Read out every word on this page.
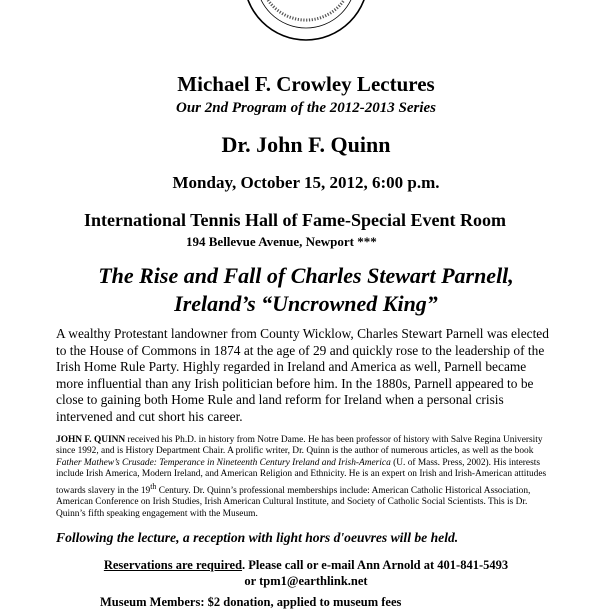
Michael F. Crowley Lectures
Our 2nd Program of the 2012-2013 Series
Dr. John F. Quinn
Monday, October 15, 2012, 6:00 p.m.
International Tennis Hall of Fame-Special Event Room
194 Bellevue Avenue, Newport ***
The Rise and Fall of Charles Stewart Parnell,
Ireland’s “Uncrowned King”

A wealthy Protestant landowner from County Wicklow, Charles Stewart Parnell was elected to the House of Commons in 1874 at the age of 29 and quickly rose to the leadership of the Irish Home Rule Party. Highly regarded in Ireland and America as well, Parnell became more influential than any Irish politician before him. In the 1880s, Parnell appeared to be close to gaining both Home Rule and land reform for Ireland when a personal crisis intervened and cut short his career.

JOHN F. QUINN received his Ph.D. in history from Notre Dame. He has been professor of history with Salve Regina University since 1992, and is History Department Chair. A prolific writer, Dr. Quinn is the author of numerous articles, as well as the book Father Mathew’s Crusade: Temperance in Nineteenth Century Ireland and Irish-America (U. of Mass. Press, 2002). His interests include Irish America, Modern Ireland, and American Religion and Ethnicity. He is an expert on Irish and Irish-American attitudes towards slavery in the 19th Century. Dr. Quinn’s professional memberships include: American Catholic Historical Association, American Conference on Irish Studies, Irish American Cultural Institute, and Society of Catholic Social Scientists. This is Dr. Quinn’s fifth speaking engagement with the Museum.

Following the lecture, a reception with light hors d'oeuvres will be held.
Reservations are required. Please call or e-mail Ann Arnold at 401-841-5493
or tpm1@earthlink.net
Museum Members: $2 donation, applied to museum fees
